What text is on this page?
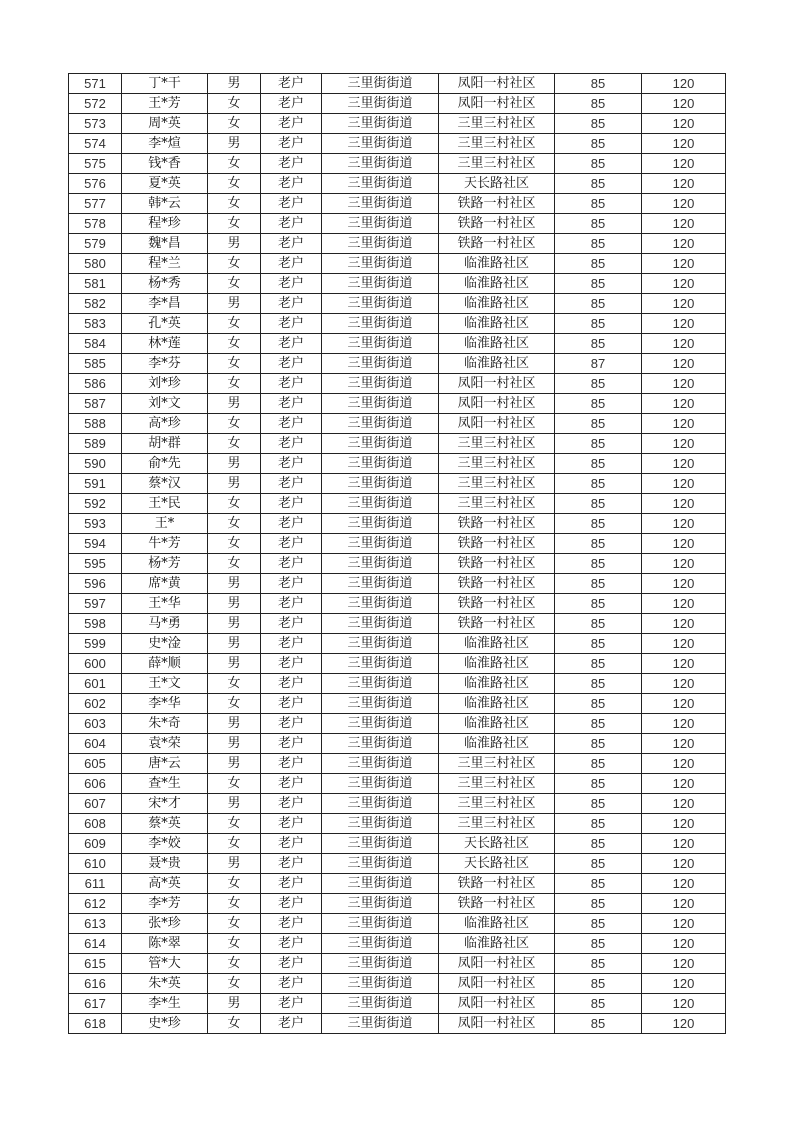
571	丁*干	男	老户	三里街街道	凤阳一村社区	85	120
572	王*芳	女	老户	三里街街道	凤阳一村社区	85	120
573	周*英	女	老户	三里街街道	三里三村社区	85	120
574	李*煊	男	老户	三里街街道	三里三村社区	85	120
575	钱*香	女	老户	三里街街道	三里三村社区	85	120
576	夏*英	女	老户	三里街街道	天长路社区	85	120
577	韩*云	女	老户	三里街街道	铁路一村社区	85	120
578	程*珍	女	老户	三里街街道	铁路一村社区	85	120
579	魏*昌	男	老户	三里街街道	铁路一村社区	85	120
580	程*兰	女	老户	三里街街道	临淮路社区	85	120
581	杨*秀	女	老户	三里街街道	临淮路社区	85	120
582	李*昌	男	老户	三里街街道	临淮路社区	85	120
583	孔*英	女	老户	三里街街道	临淮路社区	85	120
584	林*莲	女	老户	三里街街道	临淮路社区	85	120
585	李*芬	女	老户	三里街街道	临淮路社区	87	120
586	刘*珍	女	老户	三里街街道	凤阳一村社区	85	120
587	刘*文	男	老户	三里街街道	凤阳一村社区	85	120
588	高*珍	女	老户	三里街街道	凤阳一村社区	85	120
589	胡*群	女	老户	三里街街道	三里三村社区	85	120
590	俞*先	男	老户	三里街街道	三里三村社区	85	120
591	蔡*汉	男	老户	三里街街道	三里三村社区	85	120
592	王*民	女	老户	三里街街道	三里三村社区	85	120
593	王*	女	老户	三里街街道	铁路一村社区	85	120
594	牛*芳	女	老户	三里街街道	铁路一村社区	85	120
595	杨*芳	女	老户	三里街街道	铁路一村社区	85	120
596	席*黄	男	老户	三里街街道	铁路一村社区	85	120
597	王*华	男	老户	三里街街道	铁路一村社区	85	120
598	马*勇	男	老户	三里街街道	铁路一村社区	85	120
599	史*淦	男	老户	三里街街道	临淮路社区	85	120
600	薛*顺	男	老户	三里街街道	临淮路社区	85	120
601	王*文	女	老户	三里街街道	临淮路社区	85	120
602	李*华	女	老户	三里街街道	临淮路社区	85	120
603	朱*奇	男	老户	三里街街道	临淮路社区	85	120
604	袁*荣	男	老户	三里街街道	临淮路社区	85	120
605	唐*云	男	老户	三里街街道	三里三村社区	85	120
606	查*生	女	老户	三里街街道	三里三村社区	85	120
607	宋*才	男	老户	三里街街道	三里三村社区	85	120
608	蔡*英	女	老户	三里街街道	三里三村社区	85	120
609	李*姣	女	老户	三里街街道	天长路社区	85	120
610	聂*贵	男	老户	三里街街道	天长路社区	85	120
611	高*英	女	老户	三里街街道	铁路一村社区	85	120
612	李*芳	女	老户	三里街街道	铁路一村社区	85	120
613	张*珍	女	老户	三里街街道	临淮路社区	85	120
614	陈*翠	女	老户	三里街街道	临淮路社区	85	120
615	管*大	女	老户	三里街街道	凤阳一村社区	85	120
616	朱*英	女	老户	三里街街道	凤阳一村社区	85	120
617	李*生	男	老户	三里街街道	凤阳一村社区	85	120
618	史*珍	女	老户	三里街街道	凤阳一村社区	85	120
